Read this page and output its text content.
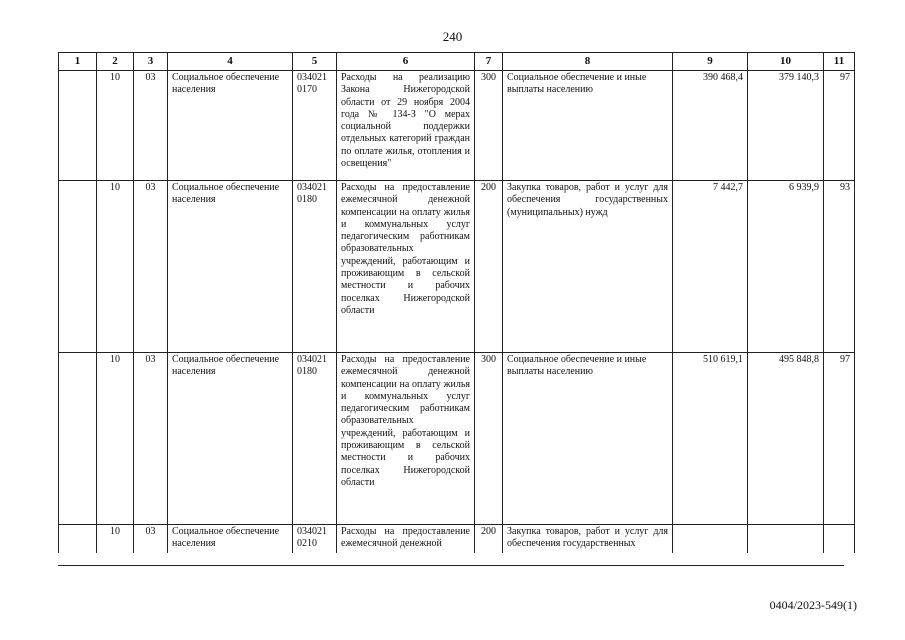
240
1	2	3	4	5	6	7	8	9	10	11
	10	03	Социальное обеспечение населения	034021 0170	Расходы на реализацию Закона Нижегородской области от 29 ноября 2004 года № 134-З "О мерах социальной поддержки отдельных категорий граждан по оплате жилья, отопления и освещения"	300	Социальное обеспечение и иные выплаты населению	390 468,4	379 140,3	97
	10	03	Социальное обеспечение населения	034021 0180	Расходы на предоставление ежемесячной денежной компенсации на оплату жилья и коммунальных услуг педагогическим работникам образовательных учреждений, работающим и проживающим в сельской местности и рабочих поселках Нижегородской области	200	Закупка товаров, работ и услуг для обеспечения государственных (муниципальных) нужд	7 442,7	6 939,9	93
	10	03	Социальное обеспечение населения	034021 0180	Расходы на предоставление ежемесячной денежной компенсации на оплату жилья и коммунальных услуг педагогическим работникам образовательных учреждений, работающим и проживающим в сельской местности и рабочих поселках Нижегородской области	300	Социальное обеспечение и иные выплаты населению	510 619,1	495 848,8	97
	10	03	Социальное обеспечение населения	034021 0210	Расходы на предоставление ежемесячной денежной	200	Закупка товаров, работ и услуг для обеспечения государственных			
0404/2023-549(1)
